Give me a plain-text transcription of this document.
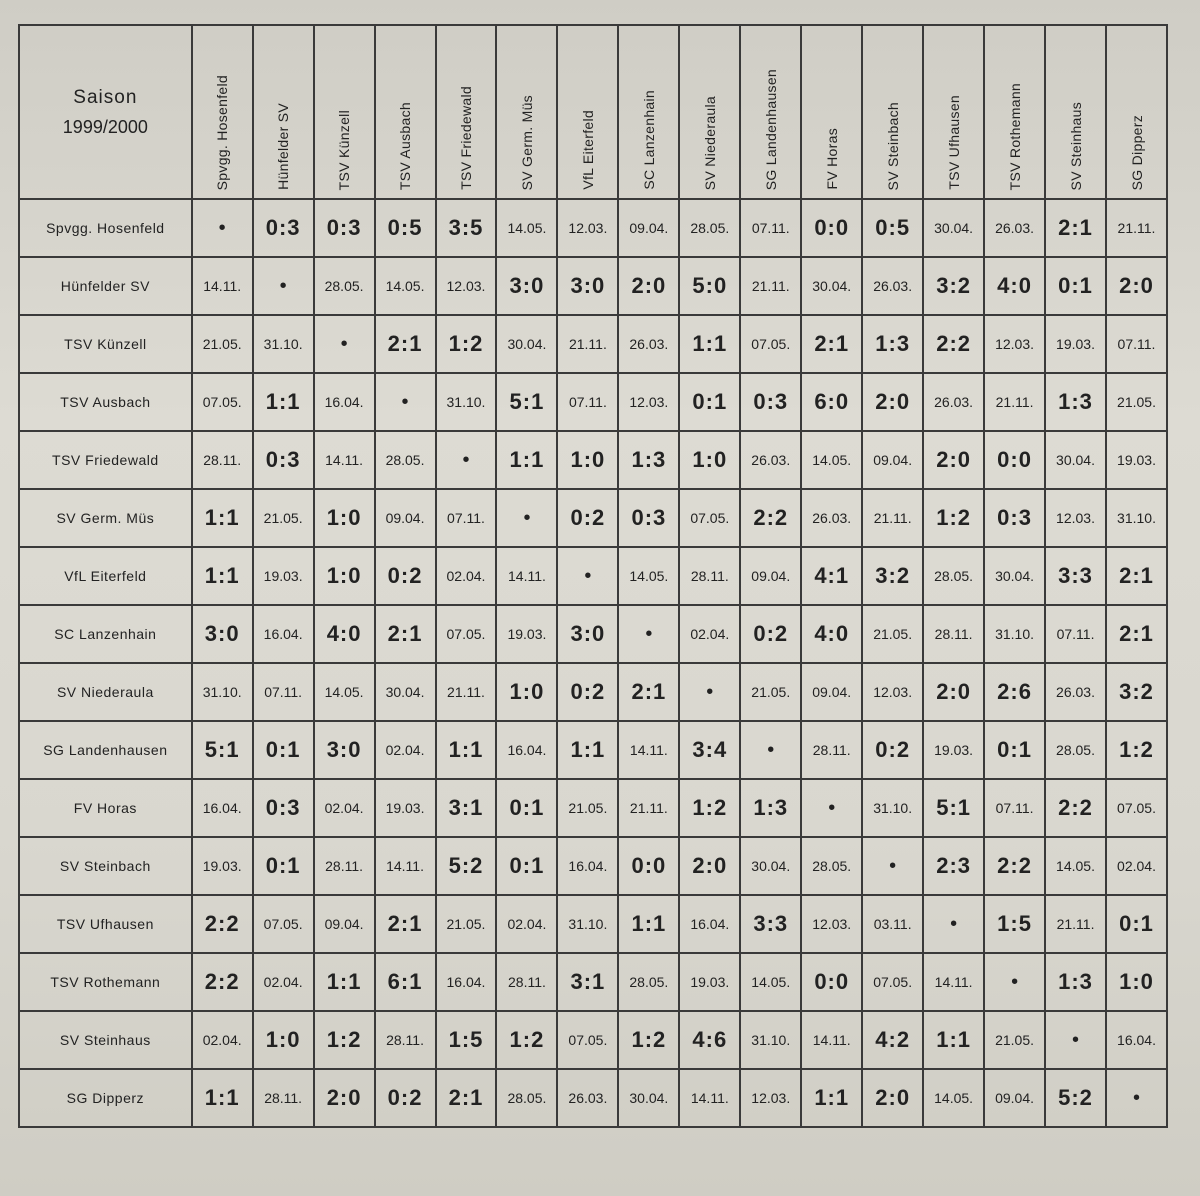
Saison
1999/2000	Spvgg. Hosenfeld	Hünfelder SV	TSV Künzell	TSV Ausbach	TSV Friedewald	SV Germ. Müs	VfL Eiterfeld	SC Lanzenhain	SV Niederaula	SG Landenhausen	FV Horas	SV Steinbach	TSV Ufhausen	TSV Rothemann	SV Steinhaus	SG Dipperz

Spvgg. Hosenfeld	•	0:3	0:3	0:5	3:5	14.05.	12.03.	09.04.	28.05.	07.11.	0:0	0:5	30.04.	26.03.	2:1	21.11.
Hünfelder SV	14.11.	•	28.05.	14.05.	12.03.	3:0	3:0	2:0	5:0	21.11.	30.04.	26.03.	3:2	4:0	0:1	2:0
TSV Künzell	21.05.	31.10.	•	2:1	1:2	30.04.	21.11.	26.03.	1:1	07.05.	2:1	1:3	2:2	12.03.	19.03.	07.11.
TSV Ausbach	07.05.	1:1	16.04.	•	31.10.	5:1	07.11.	12.03.	0:1	0:3	6:0	2:0	26.03.	21.11.	1:3	21.05.
TSV Friedewald	28.11.	0:3	14.11.	28.05.	•	1:1	1:0	1:3	1:0	26.03.	14.05.	09.04.	2:0	0:0	30.04.	19.03.
SV Germ. Müs	1:1	21.05.	1:0	09.04.	07.11.	•	0:2	0:3	07.05.	2:2	26.03.	21.11.	1:2	0:3	12.03.	31.10.
VfL Eiterfeld	1:1	19.03.	1:0	0:2	02.04.	14.11.	•	14.05.	28.11.	09.04.	4:1	3:2	28.05.	30.04.	3:3	2:1
SC Lanzenhain	3:0	16.04.	4:0	2:1	07.05.	19.03.	3:0	•	02.04.	0:2	4:0	21.05.	28.11.	31.10.	07.11.	2:1
SV Niederaula	31.10.	07.11.	14.05.	30.04.	21.11.	1:0	0:2	2:1	•	21.05.	09.04.	12.03.	2:0	2:6	26.03.	3:2
SG Landenhausen	5:1	0:1	3:0	02.04.	1:1	16.04.	1:1	14.11.	3:4	•	28.11.	0:2	19.03.	0:1	28.05.	1:2
FV Horas	16.04.	0:3	02.04.	19.03.	3:1	0:1	21.05.	21.11.	1:2	1:3	•	31.10.	5:1	07.11.	2:2	07.05.
SV Steinbach	19.03.	0:1	28.11.	14.11.	5:2	0:1	16.04.	0:0	2:0	30.04.	28.05.	•	2:3	2:2	14.05.	02.04.
TSV Ufhausen	2:2	07.05.	09.04.	2:1	21.05.	02.04.	31.10.	1:1	16.04.	3:3	12.03.	03.11.	•	1:5	21.11.	0:1
TSV Rothemann	2:2	02.04.	1:1	6:1	16.04.	28.11.	3:1	28.05.	19.03.	14.05.	0:0	07.05.	14.11.	•	1:3	1:0
SV Steinhaus	02.04.	1:0	1:2	28.11.	1:5	1:2	07.05.	1:2	4:6	31.10.	14.11.	4:2	1:1	21.05.	•	16.04.
SG Dipperz	1:1	28.11.	2:0	0:2	2:1	28.05.	26.03.	30.04.	14.11.	12.03.	1:1	2:0	14.05.	09.04.	5:2	•
